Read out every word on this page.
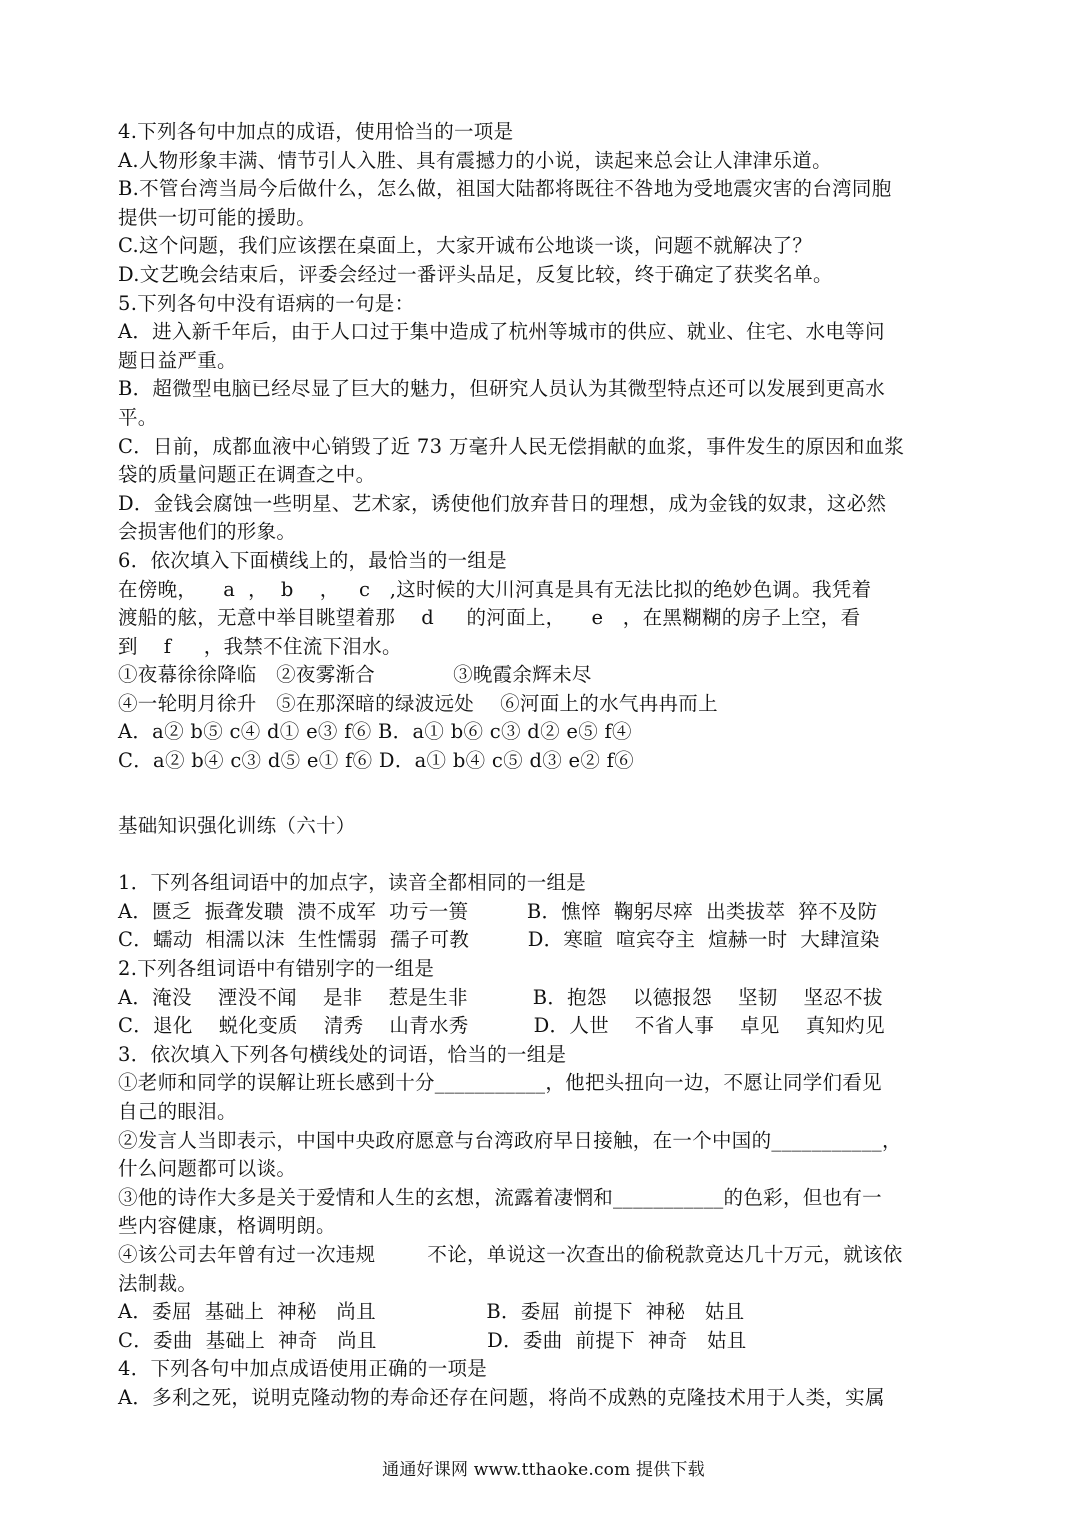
4.下列各句中加点的成语，使用恰当的一项是
A.人物形象丰满、情节引人入胜、具有震撼力的小说，读起来总会让人津津乐道。
B.不管台湾当局今后做什么，怎么做，祖国大陆都将既往不咎地为受地震灾害的台湾同胞
提供一切可能的援助。
C.这个问题，我们应该摆在桌面上，大家开诚布公地谈一谈，问题不就解决了？
D.文艺晚会结束后，评委会经过一番评头品足，反复比较，终于确定了获奖名单。
5.下列各句中没有语病的一句是：
A．进入新千年后，由于人口过于集中造成了杭州等城市的供应、就业、住宅、水电等问
题日益严重。
B．超微型电脑已经尽显了巨大的魅力，但研究人员认为其微型特点还可以发展到更高水
平。
C．日前，成都血液中心销毁了近 73 万毫升人民无偿捐献的血浆，事件发生的原因和血浆
袋的质量问题正在调查之中。
D．金钱会腐蚀一些明星、艺术家，诱使他们放弃昔日的理想，成为金钱的奴隶，这必然
会损害他们的形象。
6．依次填入下面横线上的，最恰当的一组是
在傍晚，    a  ，  b    ，   c   ,这时候的大川河真是具有无法比拟的绝妙色调。我凭着
渡船的舷，无意中举目眺望着那    d     的河面上，    e   ，在黑糊糊的房子上空，看
到    f     ，我禁不住流下泪水。
①夜幕徐徐降临   ②夜雾渐合            ③晚霞余辉未尽
④一轮明月徐升   ⑤在那深暗的绿波远处    ⑥河面上的水气冉冉而上
A．a② b⑤ c④ d① e③ f⑥ B．a① b⑥ c③ d② e⑤ f④
C．a② b④ c③ d⑤ e① f⑥ D．a① b④ c⑤ d③ e② f⑥
基础知识强化训练（六十）
1．下列各组词语中的加点字，读音全都相同的一组是
A．匮乏  振聋发聩  溃不成军  功亏一篑         B．憔悴  鞠躬尽瘁  出类拔萃  猝不及防
C．蠕动  相濡以沫  生性懦弱  孺子可教         D．寒暄  喧宾夺主  煊赫一时  大肆渲染
2.下列各组词语中有错别字的一组是
A．淹没    湮没不闻    是非    惹是生非          B．抱怨    以德报怨    坚韧    坚忍不拔
C．退化    蜕化变质    清秀    山青水秀          D．人世    不省人事    卓见    真知灼见
3．依次填入下列各句横线处的词语，恰当的一组是
①老师和同学的误解让班长感到十分___________，他把头扭向一边，不愿让同学们看见
自己的眼泪。
②发言人当即表示，中国中央政府愿意与台湾政府早日接触，在一个中国的___________，
什么问题都可以谈。
③他的诗作大多是关于爱情和人生的玄想，流露着凄惘和___________的色彩，但也有一
些内容健康，格调明朗。
④该公司去年曾有过一次违规        不论，单说这一次查出的偷税款竟达几十万元，就该依
法制裁。
A．委屈  基础上  神秘   尚且                 B．委屈  前提下  神秘   姑且
C．委曲  基础上  神奇   尚且                 D．委曲  前提下  神奇   姑且
4．下列各句中加点成语使用正确的一项是
A．多利之死，说明克隆动物的寿命还存在问题，将尚不成熟的克隆技术用于人类，实属
通通好课网 www.tthaoke.com 提供下载
